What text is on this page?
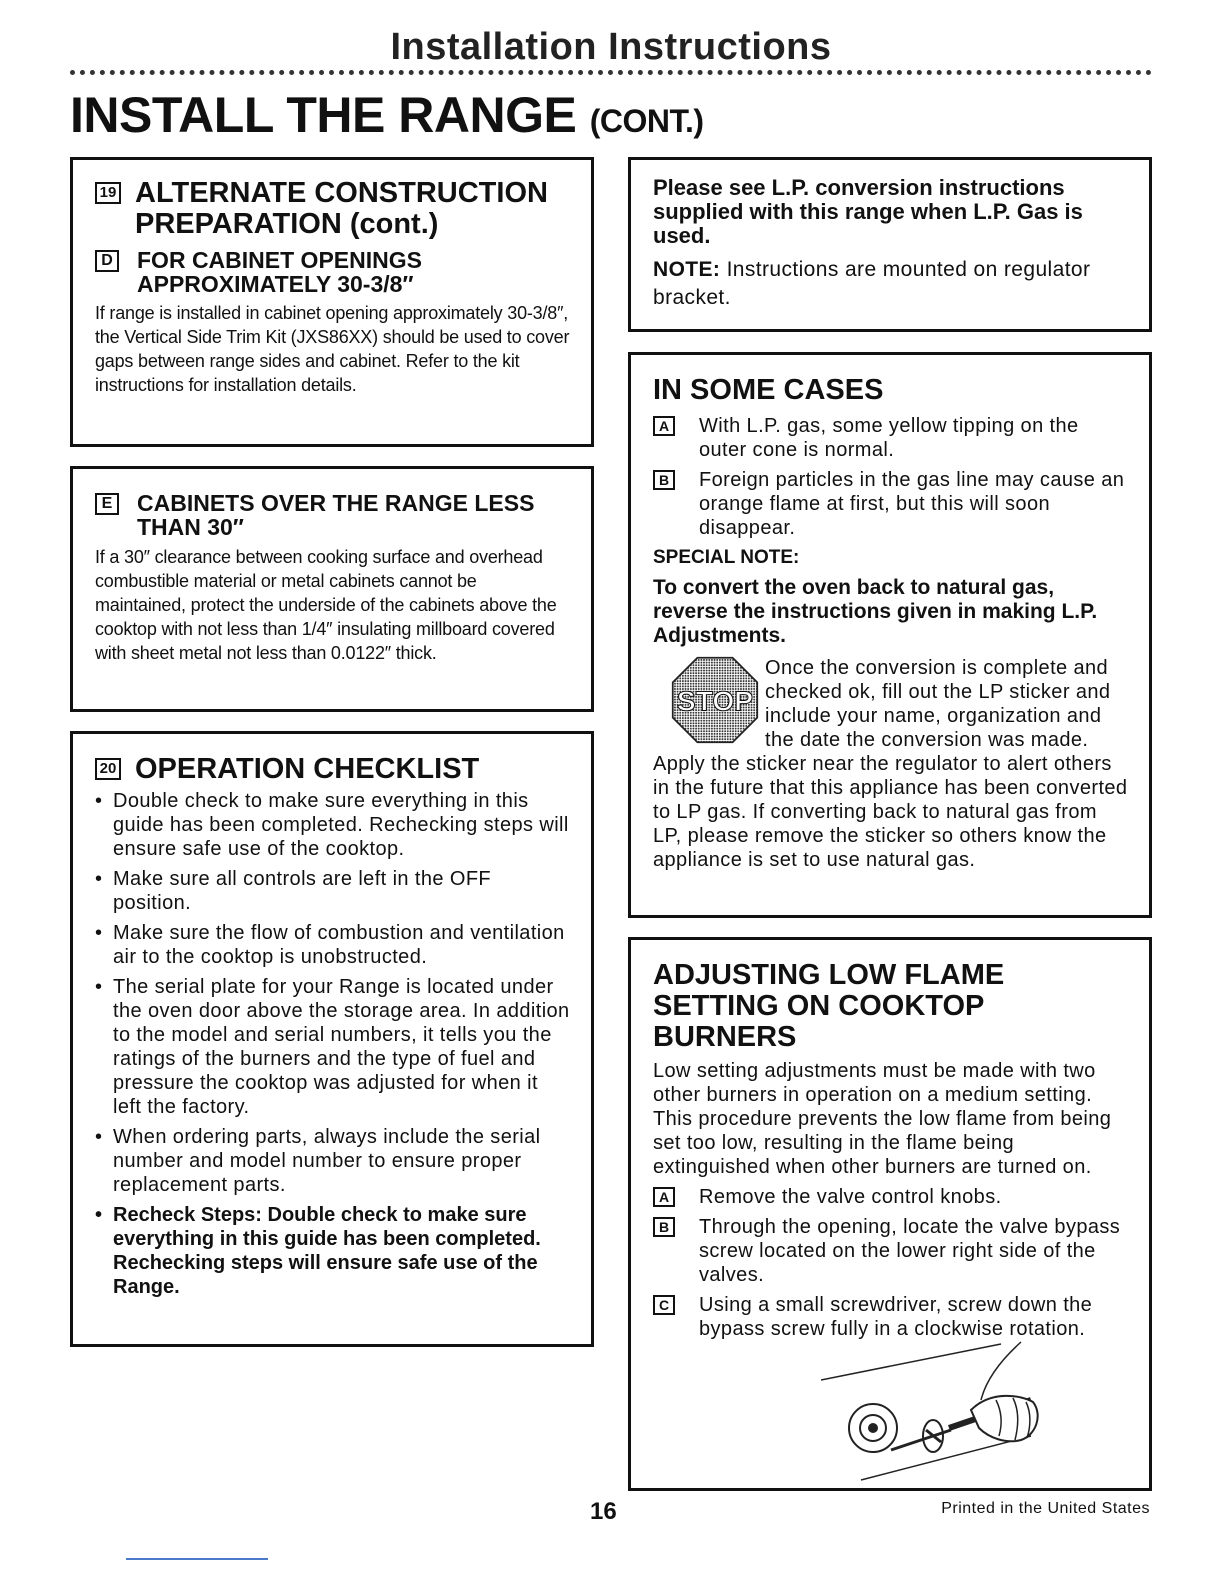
Installation Instructions
INSTALL THE RANGE (CONT.)
19 ALTERNATE CONSTRUCTION PREPARATION (cont.)
D FOR CABINET OPENINGS APPROXIMATELY 30-3/8″

If range is installed in cabinet opening approximately 30-3/8″, the Vertical Side Trim Kit (JXS86XX) should be used to cover gaps between range sides and cabinet. Refer to the kit instructions for installation details.

E CABINETS OVER THE RANGE LESS THAN 30″

If a 30″ clearance between cooking surface and overhead combustible material or metal cabinets cannot be maintained, protect the underside of the cabinets above the cooktop with not less than 1/4″ insulating millboard covered with sheet metal not less than 0.0122″ thick.

20 OPERATION CHECKLIST
• Double check to make sure everything in this guide has been completed. Rechecking steps will ensure safe use of the cooktop.
• Make sure all controls are left in the OFF position.
• Make sure the flow of combustion and ventilation air to the cooktop is unobstructed.
• The serial plate for your Range is located under the oven door above the storage area. In addition to the model and serial numbers, it tells you the ratings of the burners and the type of fuel and pressure the cooktop was adjusted for when it left the factory.
• When ordering parts, always include the serial number and model number to ensure proper replacement parts.
• Recheck Steps: Double check to make sure everything in this guide has been completed. Rechecking steps will ensure safe use of the Range.

Please see L.P. conversion instructions supplied with this range when L.P. Gas is used.

NOTE: Instructions are mounted on regulator bracket.

IN SOME CASES
A With L.P. gas, some yellow tipping on the outer cone is normal.
B Foreign particles in the gas line may cause an orange flame at first, but this will soon disappear.
SPECIAL NOTE:

To convert the oven back to natural gas, reverse the instructions given in making L.P. Adjustments.

STOP

Once the conversion is complete and checked ok, fill out the LP sticker and include your name, organization and the date the conversion was made. Apply the sticker near the regulator to alert others in the future that this appliance has been converted to LP gas. If converting back to natural gas from LP, please remove the sticker so others know the appliance is set to use natural gas.

ADJUSTING LOW FLAME SETTING ON COOKTOP BURNERS

Low setting adjustments must be made with two other burners in operation on a medium setting. This procedure prevents the low flame from being set too low, resulting in the flame being extinguished when other burners are turned on.

A Remove the valve control knobs.
B Through the opening, locate the valve bypass screw located on the lower right side of the valves.
C Using a small screwdriver, screw down the bypass screw fully in a clockwise rotation.
16	Printed in the United States
